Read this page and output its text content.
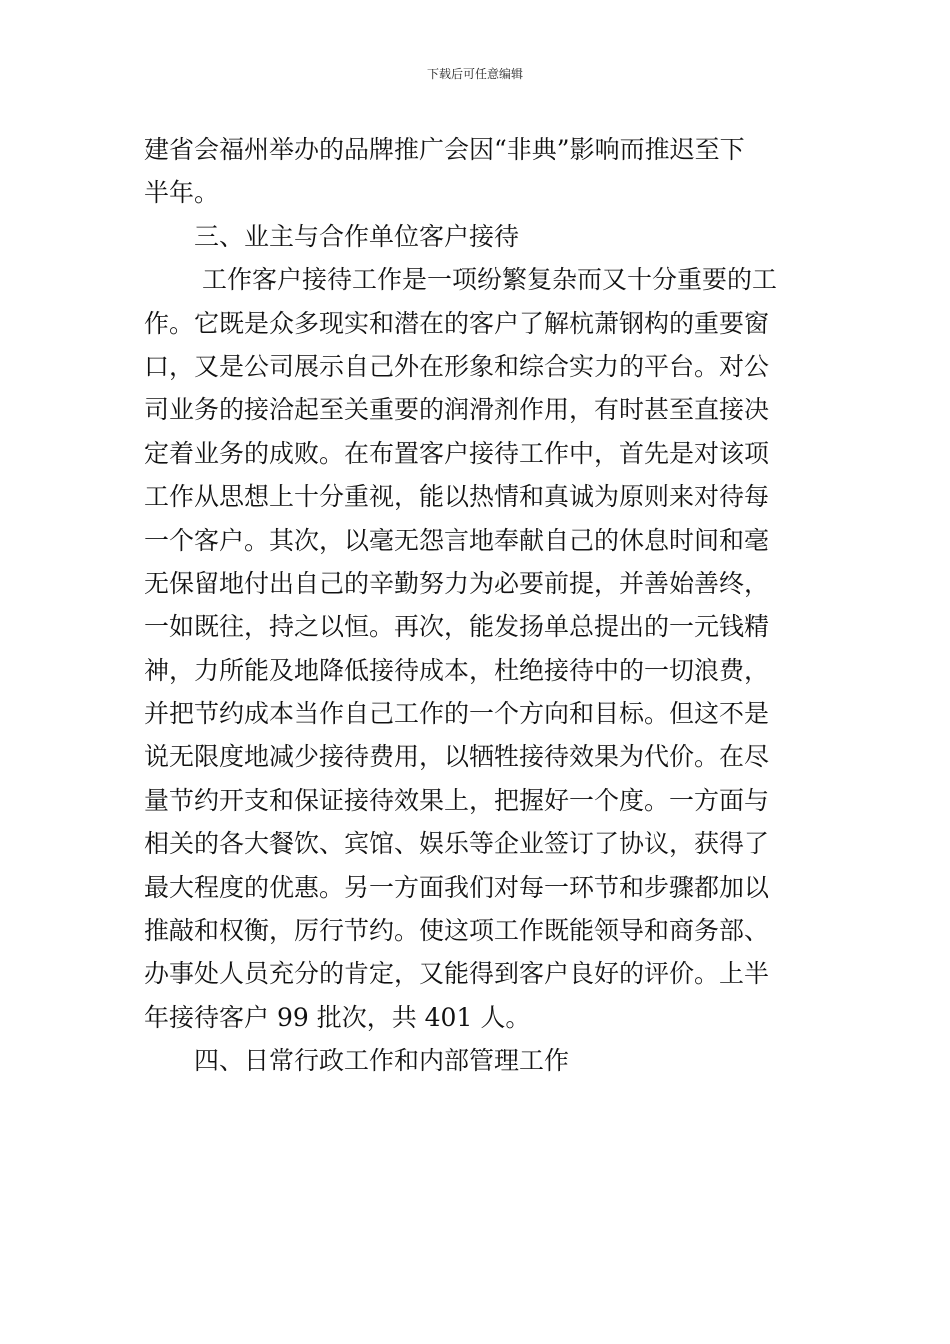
下载后可任意编辑
建省会福州举办的品牌推广会因“非典”影响而推迟至下
半年。
三、业主与合作单位客户接待
工作客户接待工作是一项纷繁复杂而又十分重要的工
作。它既是众多现实和潜在的客户了解杭萧钢构的重要窗
口，又是公司展示自己外在形象和综合实力的平台。对公
司业务的接洽起至关重要的润滑剂作用，有时甚至直接决
定着业务的成败。在布置客户接待工作中，首先是对该项
工作从思想上十分重视，能以热情和真诚为原则来对待每
一个客户。其次，以毫无怨言地奉献自己的休息时间和毫
无保留地付出自己的辛勤努力为必要前提，并善始善终，
一如既往，持之以恒。再次，能发扬单总提出的一元钱精
神，力所能及地降低接待成本，杜绝接待中的一切浪费，
并把节约成本当作自己工作的一个方向和目标。但这不是
说无限度地减少接待费用，以牺牲接待效果为代价。在尽
量节约开支和保证接待效果上，把握好一个度。一方面与
相关的各大餐饮、宾馆、娱乐等企业签订了协议，获得了
最大程度的优惠。另一方面我们对每一环节和步骤都加以
推敲和权衡，厉行节约。使这项工作既能领导和商务部、
办事处人员充分的肯定，又能得到客户良好的评价。上半
年接待客户 99 批次，共 401 人。
四、日常行政工作和内部管理工作
